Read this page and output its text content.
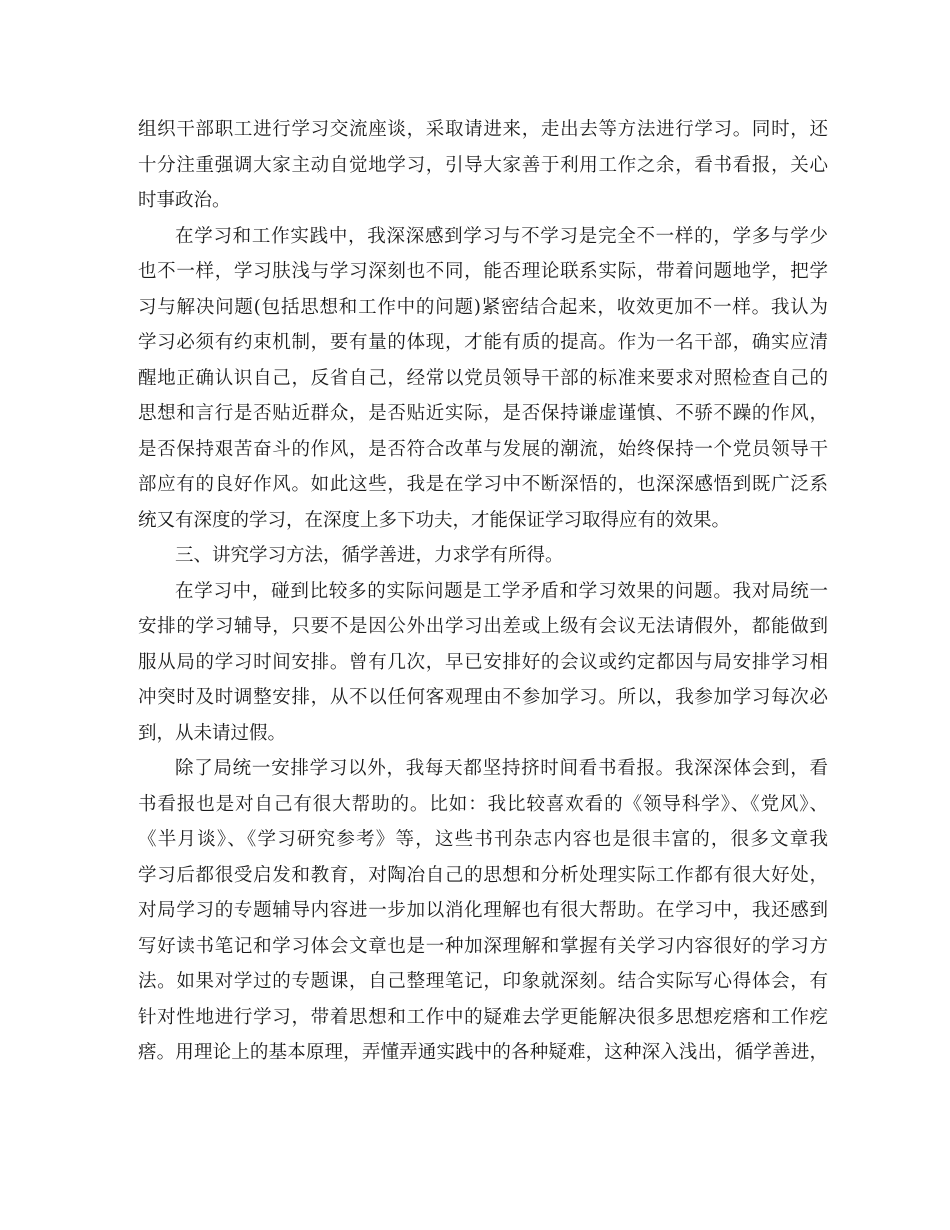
组织干部职工进行学习交流座谈，采取请进来，走出去等方法进行学习。同时，还
十分注重强调大家主动自觉地学习，引导大家善于利用工作之余，看书看报，关心
时事政治。
在学习和工作实践中，我深深感到学习与不学习是完全不一样的，学多与学少
也不一样，学习肤浅与学习深刻也不同，能否理论联系实际，带着问题地学，把学
习与解决问题(包括思想和工作中的问题)紧密结合起来，收效更加不一样。我认为
学习必须有约束机制，要有量的体现，才能有质的提高。作为一名干部，确实应清
醒地正确认识自己，反省自己，经常以党员领导干部的标准来要求对照检查自己的
思想和言行是否贴近群众，是否贴近实际，是否保持谦虚谨慎、不骄不躁的作风，
是否保持艰苦奋斗的作风，是否符合改革与发展的潮流，始终保持一个党员领导干
部应有的良好作风。如此这些，我是在学习中不断深悟的，也深深感悟到既广泛系
统又有深度的学习，在深度上多下功夫，才能保证学习取得应有的效果。
三、讲究学习方法，循学善进，力求学有所得。
在学习中，碰到比较多的实际问题是工学矛盾和学习效果的问题。我对局统一
安排的学习辅导，只要不是因公外出学习出差或上级有会议无法请假外，都能做到
服从局的学习时间安排。曾有几次，早已安排好的会议或约定都因与局安排学习相
冲突时及时调整安排，从不以任何客观理由不参加学习。所以，我参加学习每次必
到，从未请过假。
除了局统一安排学习以外，我每天都坚持挤时间看书看报。我深深体会到，看
书看报也是对自己有很大帮助的。比如：我比较喜欢看的《领导科学》、《党风》、
《半月谈》、《学习研究参考》等，这些书刊杂志内容也是很丰富的，很多文章我
学习后都很受启发和教育，对陶冶自己的思想和分析处理实际工作都有很大好处，
对局学习的专题辅导内容进一步加以消化理解也有很大帮助。在学习中，我还感到
写好读书笔记和学习体会文章也是一种加深理解和掌握有关学习内容很好的学习方
法。如果对学过的专题课，自己整理笔记，印象就深刻。结合实际写心得体会，有
针对性地进行学习，带着思想和工作中的疑难去学更能解决很多思想疙瘩和工作疙
瘩。用理论上的基本原理，弄懂弄通实践中的各种疑难，这种深入浅出，循学善进，
